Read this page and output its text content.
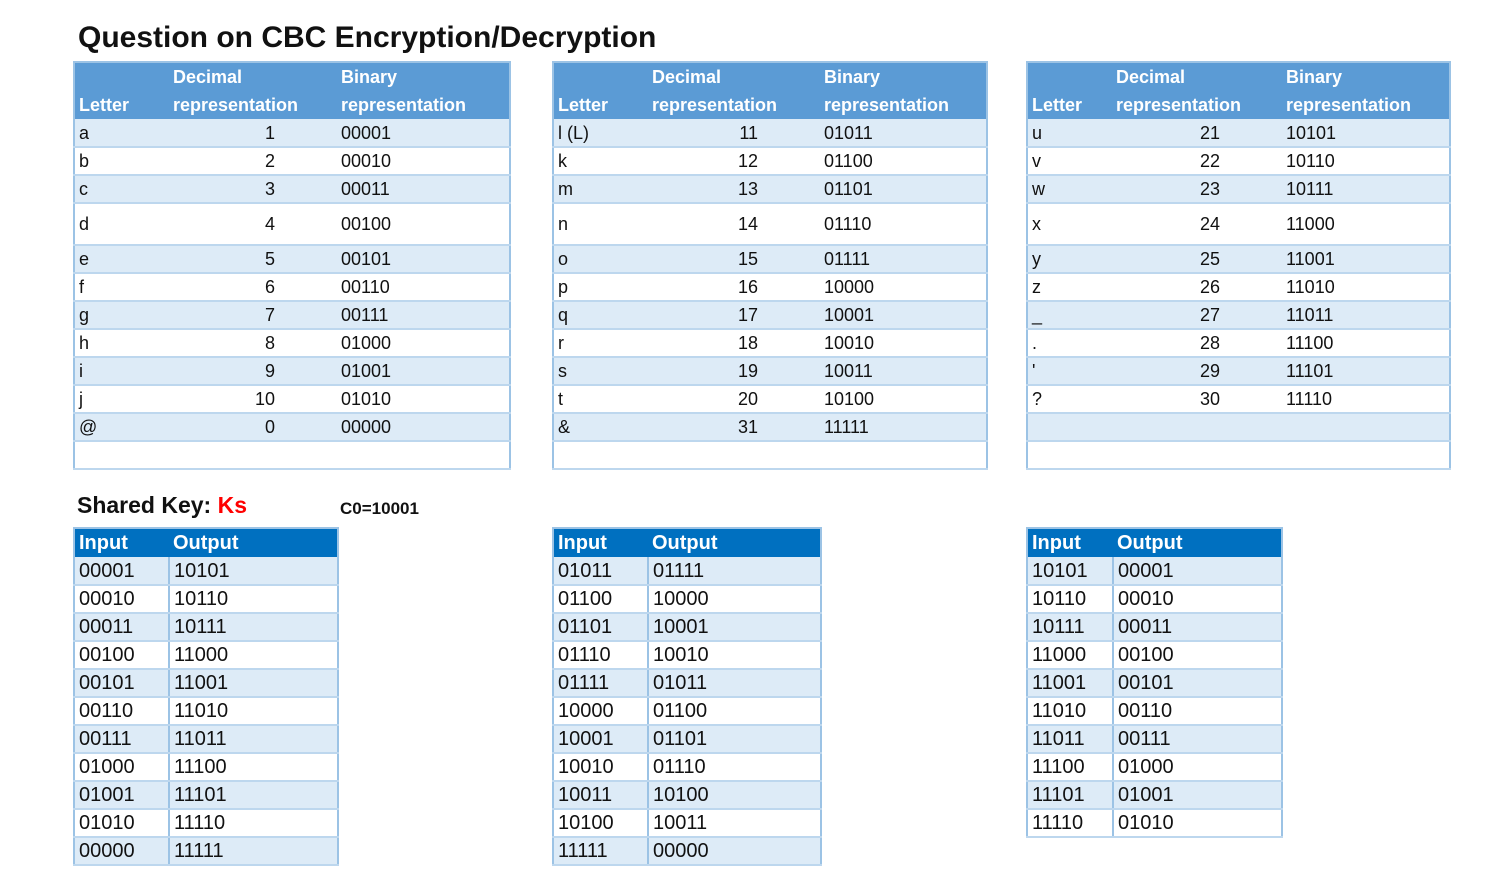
Question on CBC Encryption/Decryption
Letter	Decimal
representation	Binary
representation
a	1	00001
b	2	00010
c	3	00011
d	4	00100
e	5	00101
f	6	00110
g	7	00111
h	8	01000
i	9	01001
j	10	01010
@	0	00000

Letter	Decimal
representation	Binary
representation
l (L)	11	01011
k	12	01100
m	13	01101
n	14	01110
o	15	01111
p	16	10000
q	17	10001
r	18	10010
s	19	10011
t	20	10100
&	31	11111

Letter	Decimal
representation	Binary
representation
u	21	10101
v	22	10110
w	23	10111
x	24	11000
y	25	11001
z	26	11010
_	27	11011
.	28	11100
'	29	11101
?	30	11110

Shared Key: Ks	C0=10001
Input	Output
00001	10101
00010	10110
00011	10111
00100	11000
00101	11001
00110	11010
00111	11011
01000	11100
01001	11101
01010	11110
00000	11111
Input	Output
01011	01111
01100	10000
01101	10001
01110	10010
01111	01011
10000	01100
10001	01101
10010	01110
10011	10100
10100	10011
11111	00000
Input	Output
10101	00001
10110	00010
10111	00011
11000	00100
11001	00101
11010	00110
11011	00111
11100	01000
11101	01001
11110	01010
